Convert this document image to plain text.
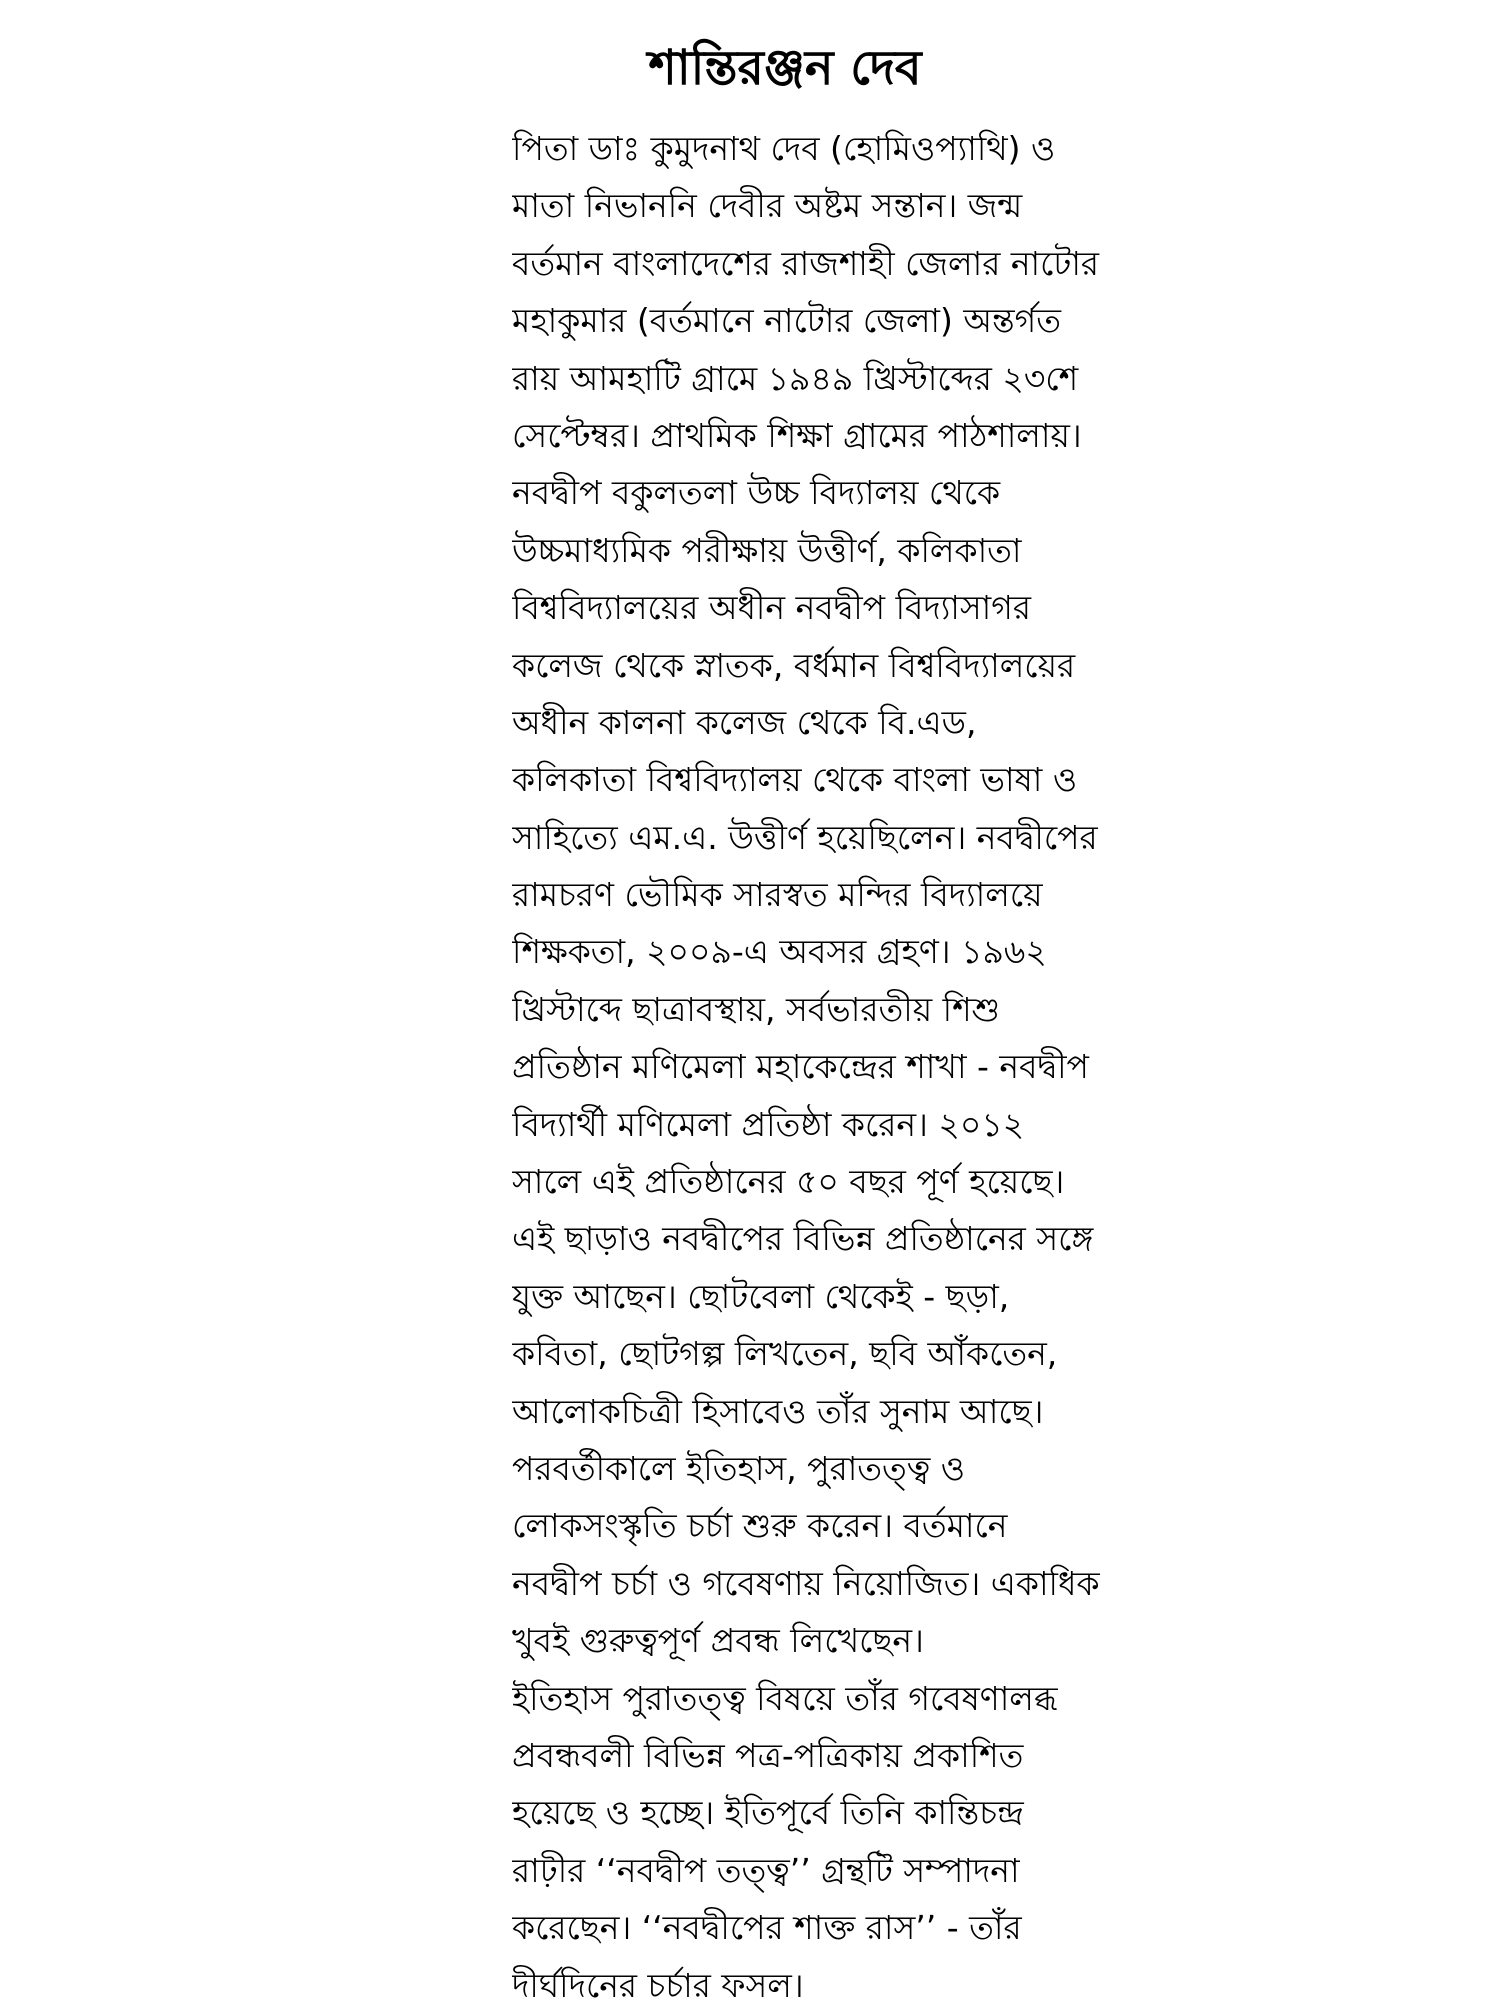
শান্তিরঞ্জন দেব
পিতা ডাঃ কুমুদনাথ দেব (হোমিওপ্যাথি) ও
মাতা নিভাননি দেবীর অষ্টম সন্তান। জন্ম
বর্তমান বাংলাদেশের রাজশাহী জেলার নাটোর
মহাকুমার (বর্তমানে নাটোর জেলা) অন্তর্গত
রায় আমহাটি গ্রামে ১৯৪৯ খ্রিস্টাব্দের ২৩শে
সেপ্টেম্বর। প্রাথমিক শিক্ষা গ্রামের পাঠশালায়।
নবদ্বীপ বকুলতলা উচ্চ বিদ্যালয় থেকে
উচ্চমাধ্যমিক পরীক্ষায় উত্তীর্ণ, কলিকাতা
বিশ্ববিদ্যালয়ের অধীন নবদ্বীপ বিদ্যাসাগর
কলেজ থেকে স্নাতক, বর্ধমান বিশ্ববিদ্যালয়ের
অধীন কালনা কলেজ থেকে বি.এড,
কলিকাতা বিশ্ববিদ্যালয় থেকে বাংলা ভাষা ও
সাহিত্যে এম.এ. উত্তীর্ণ হয়েছিলেন। নবদ্বীপের
রামচরণ ভৌমিক সারস্বত মন্দির বিদ্যালয়ে
শিক্ষকতা, ২০০৯-এ অবসর গ্রহণ। ১৯৬২
খ্রিস্টাব্দে ছাত্রাবস্থায়, সর্বভারতীয় শিশু
প্রতিষ্ঠান মণিমেলা মহাকেন্দ্রের শাখা - নবদ্বীপ
বিদ্যার্থী মণিমেলা প্রতিষ্ঠা করেন। ২০১২
সালে এই প্রতিষ্ঠানের ৫০ বছর পূর্ণ হয়েছে।
এই ছাড়াও নবদ্বীপের বিভিন্ন প্রতিষ্ঠানের সঙ্গে
যুক্ত আছেন। ছোটবেলা থেকেই - ছড়া,
কবিতা, ছোটগল্প লিখতেন, ছবি আঁকতেন,
আলোকচিত্রী হিসাবেও তাঁর সুনাম আছে।
পরবর্তীকালে ইতিহাস, পুরাতত্ত্ব ও
লোকসংস্কৃতি চর্চা শুরু করেন। বর্তমানে
নবদ্বীপ চর্চা ও গবেষণায় নিয়োজিত। একাধিক
খুবই গুরুত্বপূর্ণ প্রবন্ধ লিখেছেন।
ইতিহাস পুরাতত্ত্ব বিষয়ে তাঁর গবেষণালব্ধ
প্রবন্ধবলী বিভিন্ন পত্র-পত্রিকায় প্রকাশিত
হয়েছে ও হচ্ছে। ইতিপূর্বে তিনি কান্তিচন্দ্র
রাঢ়ীর ‘‘নবদ্বীপ তত্ত্ব’’ গ্রন্থটি সম্পাদনা
করেছেন। ‘‘নবদ্বীপের শাক্ত রাস’’ - তাঁর
দীর্ঘদিনের চর্চার ফসল।
